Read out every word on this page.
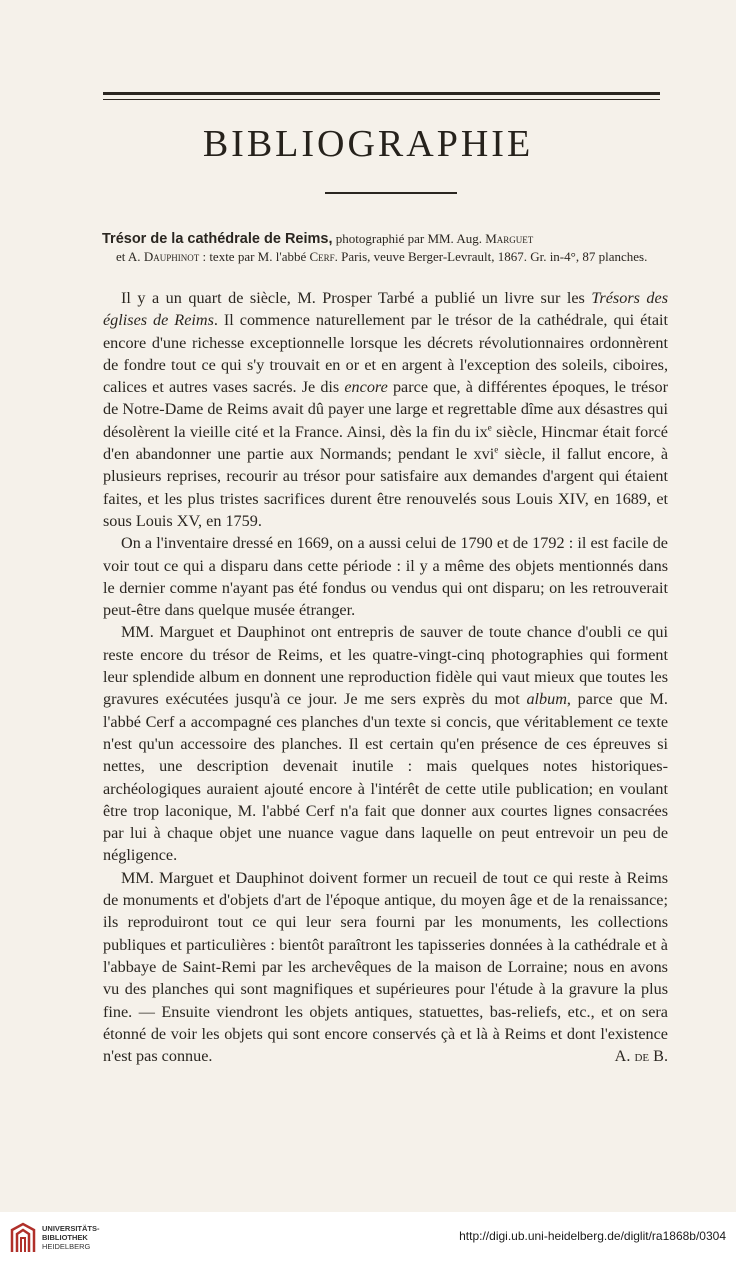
BIBLIOGRAPHIE
Trésor de la cathédrale de Reims, photographié par MM. Aug. Marguet
et A. Dauphinot : texte par M. l'abbé Cerf. Paris, veuve Berger-Levrault, 1867. Gr. in-4°, 87 planches.

Il y a un quart de siècle, M. Prosper Tarbé a publié un livre sur les Trésors des églises de Reims. Il commence naturellement par le trésor de la cathédrale, qui était encore d'une richesse exceptionnelle lorsque les décrets révolutionnaires ordonnèrent de fondre tout ce qui s'y trouvait en or et en argent à l'exception des soleils, ciboires, calices et autres vases sacrés. Je dis encore parce que, à différentes époques, le trésor de Notre-Dame de Reims avait dû payer une large et regrettable dîme aux désastres qui désolèrent la vieille cité et la France. Ainsi, dès la fin du $ix^e$ siècle, Hincmar était forcé d'en abandonner une partie aux Normands; pendant le xvi$^e$ siècle, il fallut encore, à plusieurs reprises, recourir au trésor pour satisfaire aux demandes d'argent qui étaient faites, et les plus tristes sacrifices durent être renouvelés sous Louis XIV, en 1689, et sous Louis XV, en 1759.

On a l'inventaire dressé en 1669, on a aussi celui de 1790 et de 1792 : il est facile de voir tout ce qui a disparu dans cette période : il y a même des objets mentionnés dans le dernier comme n'ayant pas été fondus ou vendus qui ont disparu; on les retrouverait peut-être dans quelque musée étranger.

MM. Marguet et Dauphinot ont entrepris de sauver de toute chance d'oubli ce qui reste encore du trésor de Reims, et les quatre-vingt-cinq photographies qui forment leur splendide album en donnent une reproduction fidèle qui vaut mieux que toutes les gravures exécutées jusqu'à ce jour. Je me sers exprès du mot album, parce que M. l'abbé Cerf a accompagné ces planches d'un texte si concis, que véritablement ce texte n'est qu'un accessoire des planches. Il est certain qu'en présence de ces épreuves si nettes, une description devenait inutile : mais quelques notes historiques-archéologiques auraient ajouté encore à l'intérêt de cette utile publication; en voulant être trop laconique, M. l'abbé Cerf n'a fait que donner aux courtes lignes consacrées par lui à chaque objet une nuance vague dans laquelle on peut entrevoir un peu de négligence.

MM. Marguet et Dauphinot doivent former un recueil de tout ce qui reste à Reims de monuments et d'objets d'art de l'époque antique, du moyen âge et de la renaissance; ils reproduiront tout ce qui leur sera fourni par les monuments, les collections publiques et particulières : bientôt paraîtront les tapisseries données à la cathédrale et à l'abbaye de Saint-Remi par les archevêques de la maison de Lorraine; nous en avons vu des planches qui sont magnifiques et supérieures pour l'étude à la gravure la plus fine. — Ensuite viendront les objets antiques, statuettes, bas-reliefs, etc., et on sera étonné de voir les objets qui sont encore conservés çà et là à Reims et dont l'existence n'est pas connue.	A. de B.

UNIVERSITÄTS-
BIBLIOTHEK
HEIDELBERG
http://digi.ub.uni-heidelberg.de/diglit/ra1868b/0304
